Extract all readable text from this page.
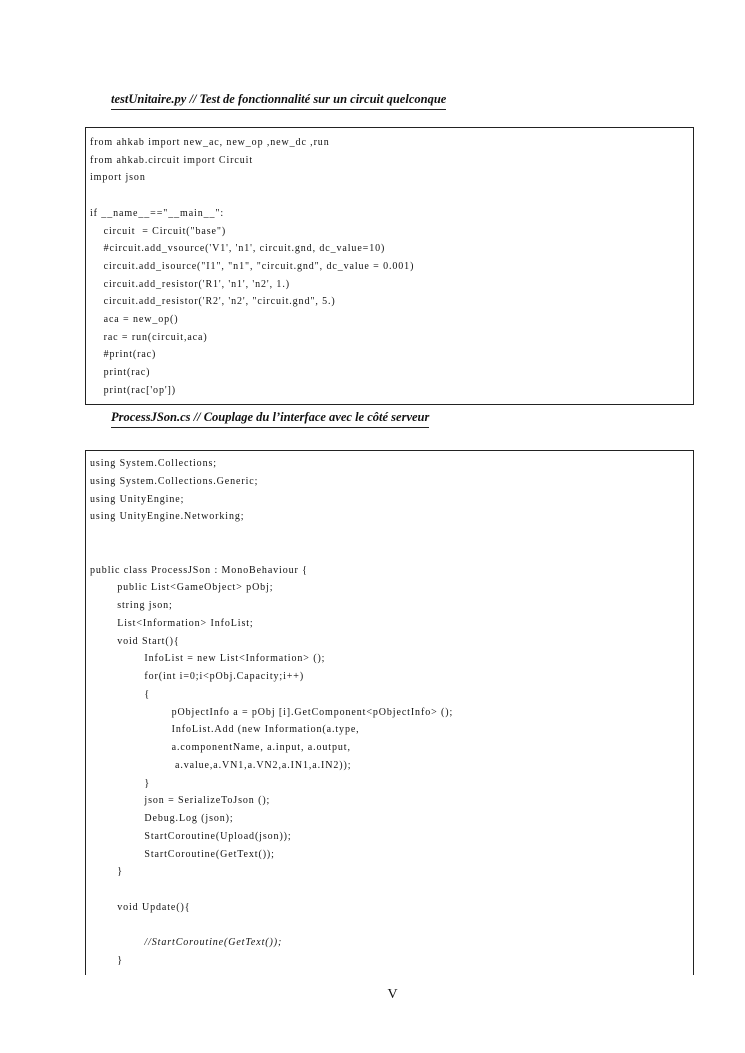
testUnitaire.py // Test de fonctionnalité sur un circuit quelconque
from ahkab import new_ac, new_op ,new_dc ,run
from ahkab.circuit import Circuit
import json
if __name__=="__main__":
circuit  = Circuit("base")
#circuit.add_vsource('V1', 'n1', circuit.gnd, dc_value=10)
circuit.add_isource("I1", "n1", "circuit.gnd", dc_value = 0.001)
circuit.add_resistor('R1', 'n1', 'n2', 1.)
circuit.add_resistor('R2', 'n2', "circuit.gnd", 5.)
aca = new_op()
rac = run(circuit,aca)
#print(rac)
print(rac)
print(rac['op'])
ProcessJSon.cs // Couplage du l’interface avec le côté serveur
using System.Collections;
using System.Collections.Generic;
using UnityEngine;
using UnityEngine.Networking;
public class ProcessJSon : MonoBehaviour {
public List<GameObject> pObj;
string json;
List<Information> InfoList;
void Start(){
InfoList = new List<Information> ();
for(int i=0;i<pObj.Capacity;i++)
{
pObjectInfo a = pObj [i].GetComponent<pObjectInfo> ();
InfoList.Add (new Information(a.type,
a.componentName, a.input, a.output,
a.value,a.VN1,a.VN2,a.IN1,a.IN2));
}
json = SerializeToJson ();
Debug.Log (json);
StartCoroutine(Upload(json));
StartCoroutine(GetText());
}
void Update(){
//StartCoroutine(GetText());
}
V
